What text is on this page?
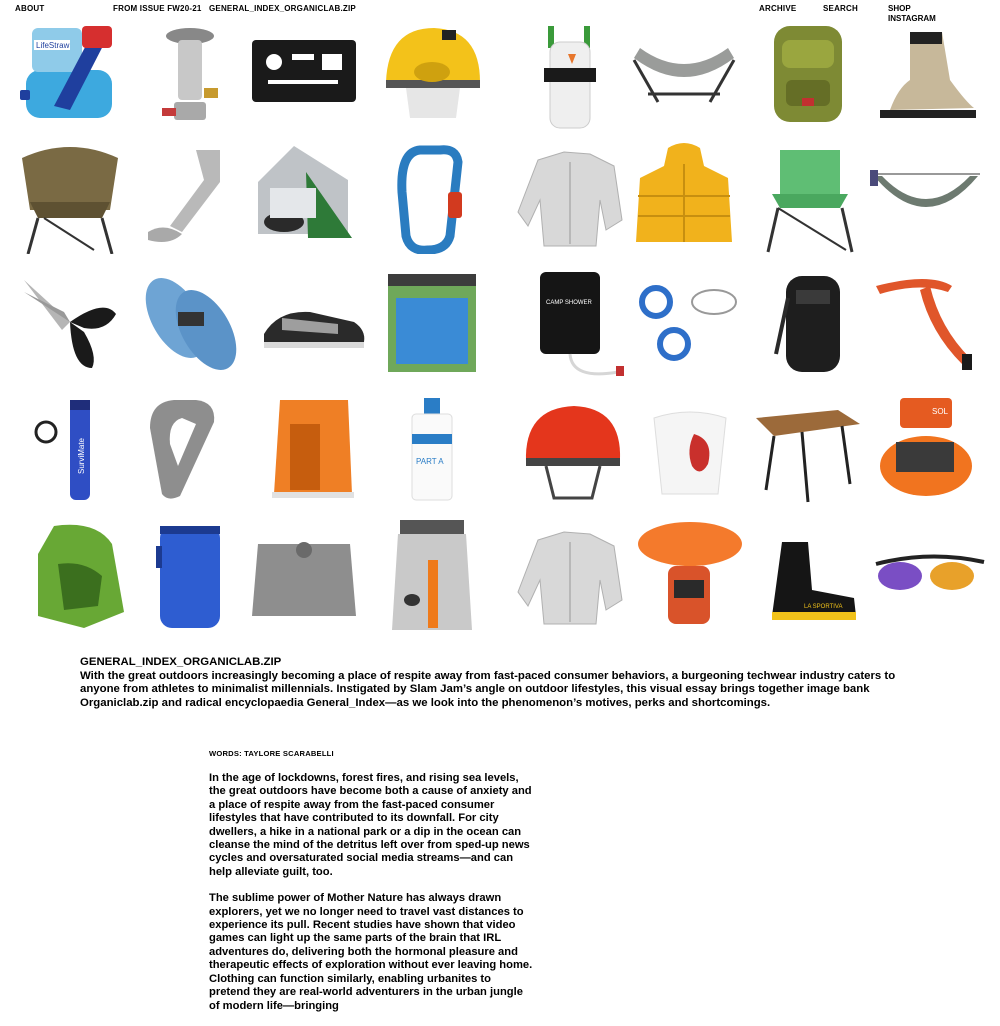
ABOUT	FROM ISSUE FW20-21 GENERAL_INDEX_ORGANICLAB.ZIP	ARCHIVE	SEARCH	SHOP
INSTAGRAM
LifeStraw
CAMP SHOWER
SurviMate	PART A
SOL
LA SPORTIVA
GENERAL_INDEX_ORGANICLAB.ZIP

With the great outdoors increasingly becoming a place of respite away from fast-paced consumer behaviors, a burgeoning techwear industry caters to anyone from athletes to minimalist millennials. Instigated by Slam Jam’s angle on outdoor lifestyles, this visual essay brings together image bank Organiclab.zip and radical encyclopaedia General_Index—as we look into the phenomenon’s motives, perks and shortcomings.

WORDS: TAYLORE SCARABELLI

In the age of lockdowns, forest fires, and rising sea levels, the great outdoors have become both a cause of anxiety and a place of respite away from the fast-paced consumer lifestyles that have contributed to its downfall. For city dwellers, a hike in a national park or a dip in the ocean can cleanse the mind of the detritus left over from sped-up news cycles and oversaturated social media streams—and can help alleviate guilt, too.

The sublime power of Mother Nature has always drawn explorers, yet we no longer need to travel vast distances to experience its pull. Recent studies have shown that video games can light up the same parts of the brain that IRL adventures do, delivering both the hormonal pleasure and therapeutic effects of exploration without ever leaving home. Clothing can function similarly, enabling urbanites to pretend they are real-world adventurers in the urban jungle of modern life—bringing
